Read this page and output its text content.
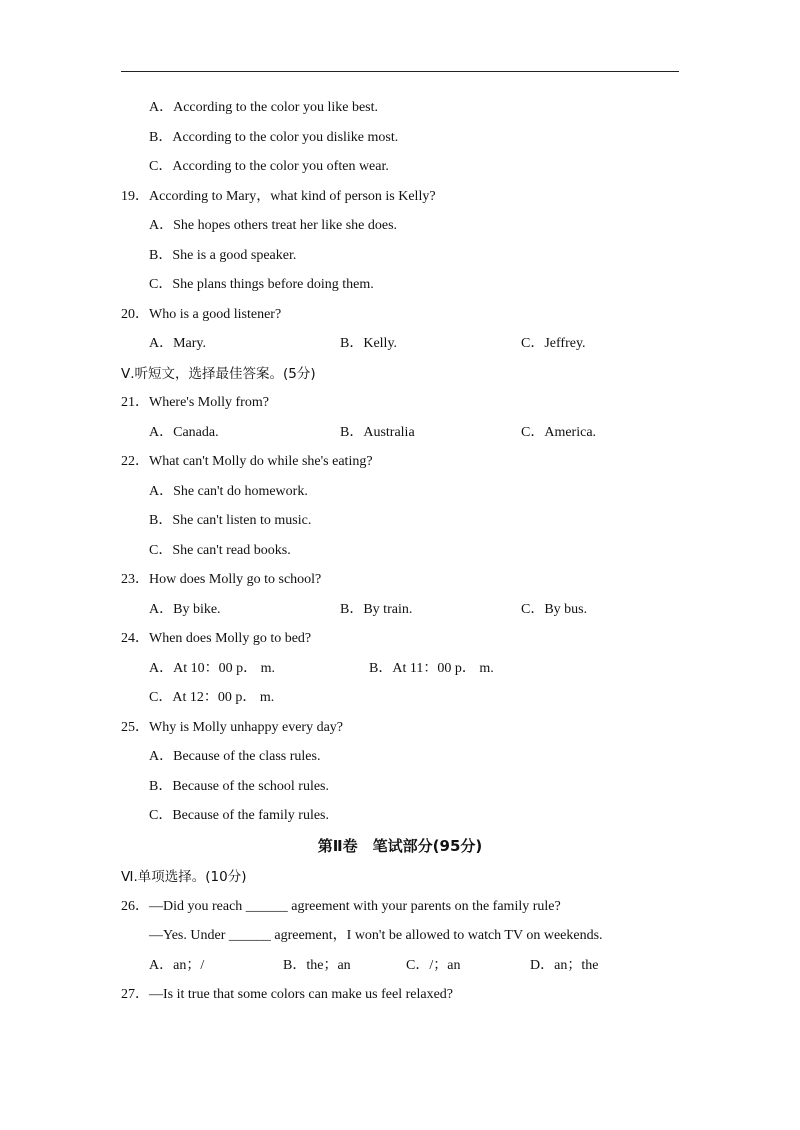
A．According to the color you like best.
B．According to the color you dislike most.
C．According to the color you often wear.
19．According to Mary，what kind of person is Kelly?
A．She hopes others treat her like she does.
B．She is a good speaker.
C．She plans things before doing them.
20．Who is a good listener?
A．Mary.	B．Kelly.	C．Jeffrey.
Ⅴ.听短文，选择最佳答案。(5分)
21．Where's Molly from?
A．Canada.	B．Australia	C．America.
22．What can't Molly do while she's eating?
A．She can't do homework.
B．She can't listen to music.
C．She can't read books.
23．How does Molly go to school?
A．By bike.	B．By train.	C．By bus.
24．When does Molly go to bed?
A．At 10：00 p． m.	B．At 11：00 p． m.
C．At 12：00 p． m.
25．Why is Molly unhappy every day?
A．Because of the class rules.
B．Because of the school rules.
C．Because of the family rules.
第Ⅱ卷　笔试部分(95分)
Ⅵ.单项选择。(10分)
26．—Did you reach ______ agreement with your parents on the family rule?
—Yes. Under ______ agreement，I won't be allowed to watch TV on weekends.
A．an；/	B．the；an	C．/；an	D．an；the
27．—Is it true that some colors can make us feel relaxed?
